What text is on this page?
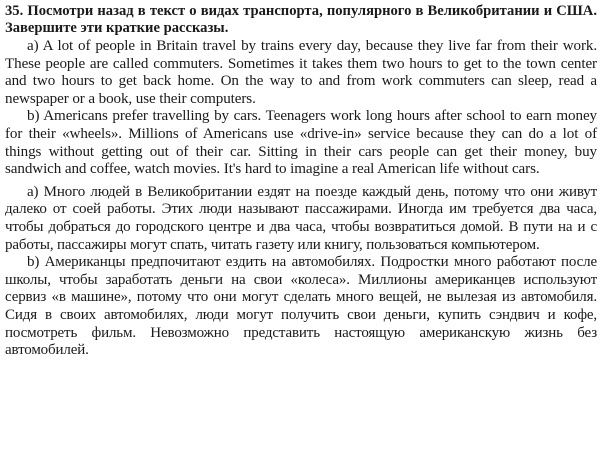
35. Посмотри назад в текст о видах транспорта, популярного в Великобритании и США. Завершите эти краткие рассказы.

a) A lot of people in Britain travel by trains every day, because they live far from their work. These people are called commuters. Sometimes it takes them two hours to get to the town center and two hours to get back home. On the way to and from work commuters can sleep, read a newspaper or a book, use their computers.

b) Americans prefer travelling by cars. Teenagers work long hours after school to earn money for their «wheels». Millions of Americans use «drive-in» service because they can do a lot of things without getting out of their car. Sitting in their cars people can get their money, buy sandwich and coffee, watch movies. It's hard to imagine a real American life without cars.

a) Много людей в Великобритании ездят на поезде каждый день, потому что они живут далеко от соей работы. Этих люди называют пассажирами. Иногда им требуется два часа, чтобы добраться до городского центре и два часа, чтобы возвратиться домой. В пути на и с работы, пассажиры могут спать, читать газету или книгу, пользоваться компьютером.

b) Американцы предпочитают ездить на автомобилях. Подростки много работают после школы, чтобы заработать деньги на свои «колеса». Миллионы американцев используют сервиз «в машине», потому что они могут сделать много вещей, не вылезая из автомобиля. Сидя в своих автомобилях, люди могут получить свои деньги, купить сэндвич и кофе, посмотреть фильм. Невозможно представить настоящую американскую жизнь без автомобилей.
